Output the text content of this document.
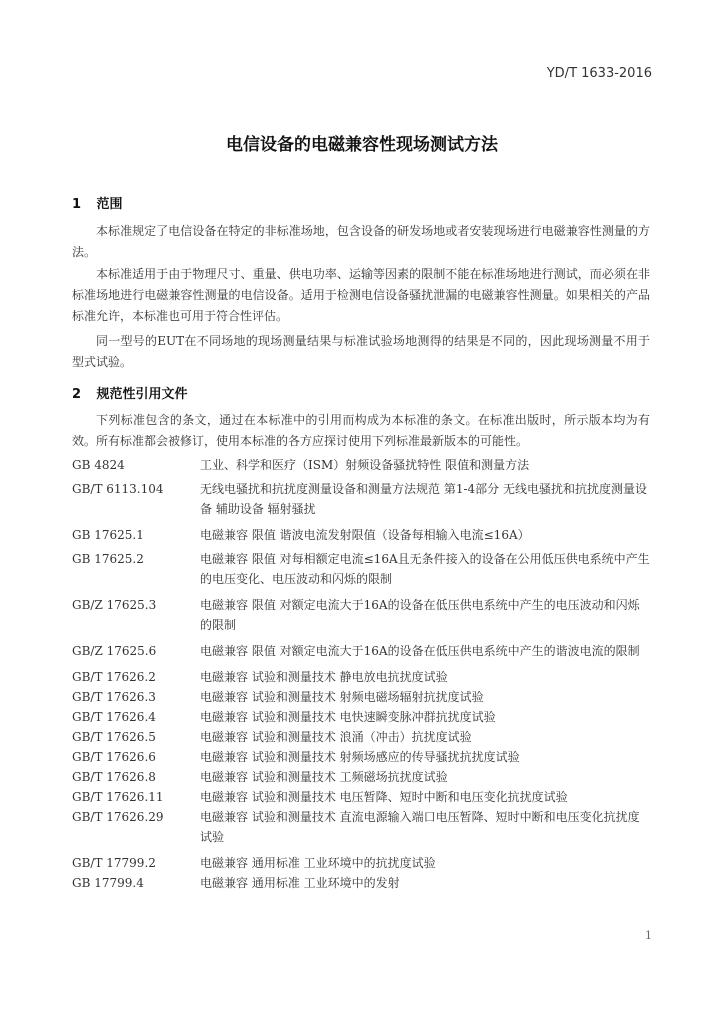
YD/T 1633-2016
电信设备的电磁兼容性现场测试方法
1 范围
本标准规定了电信设备在特定的非标准场地，包含设备的研发场地或者安装现场进行电磁兼容性测量的方法。
本标准适用于由于物理尺寸、重量、供电功率、运输等因素的限制不能在标准场地进行测试，而必须在非标准场地进行电磁兼容性测量的电信设备。适用于检测电信设备骚扰泄漏的电磁兼容性测量。如果相关的产品标准允许，本标准也可用于符合性评估。
同一型号的EUT在不同场地的现场测量结果与标准试验场地测得的结果是不同的，因此现场测量不用于型式试验。
2 规范性引用文件
下列标准包含的条文，通过在本标准中的引用而构成为本标准的条文。在标准出版时，所示版本均为有效。所有标准都会被修订，使用本标准的各方应探讨使用下列标准最新版本的可能性。
GB 4824	工业、科学和医疗（ISM）射频设备骚扰特性 限值和测量方法
GB/T 6113.104	无线电骚扰和抗扰度测量设备和测量方法规范 第1-4部分 无线电骚扰和抗扰度测量设备 辅助设备 辐射骚扰
GB 17625.1	电磁兼容 限值 谐波电流发射限值（设备每相输入电流≤16A）
GB 17625.2	电磁兼容 限值 对每相额定电流≤16A且无条件接入的设备在公用低压供电系统中产生的电压变化、电压波动和闪烁的限制
GB/Z 17625.3	电磁兼容 限值 对额定电流大于16A的设备在低压供电系统中产生的电压波动和闪烁的限制
GB/Z 17625.6	电磁兼容 限值 对额定电流大于16A的设备在低压供电系统中产生的谐波电流的限制
GB/T 17626.2	电磁兼容 试验和测量技术 静电放电抗扰度试验
GB/T 17626.3	电磁兼容 试验和测量技术 射频电磁场辐射抗扰度试验
GB/T 17626.4	电磁兼容 试验和测量技术 电快速瞬变脉冲群抗扰度试验
GB/T 17626.5	电磁兼容 试验和测量技术 浪涌（冲击）抗扰度试验
GB/T 17626.6	电磁兼容 试验和测量技术 射频场感应的传导骚扰抗扰度试验
GB/T 17626.8	电磁兼容 试验和测量技术 工频磁场抗扰度试验
GB/T 17626.11	电磁兼容 试验和测量技术 电压暂降、短时中断和电压变化抗扰度试验
GB/T 17626.29	电磁兼容 试验和测量技术 直流电源输入端口电压暂降、短时中断和电压变化抗扰度试验
GB/T 17799.2	电磁兼容 通用标准 工业环境中的抗扰度试验
GB 17799.4	电磁兼容 通用标准 工业环境中的发射
1
